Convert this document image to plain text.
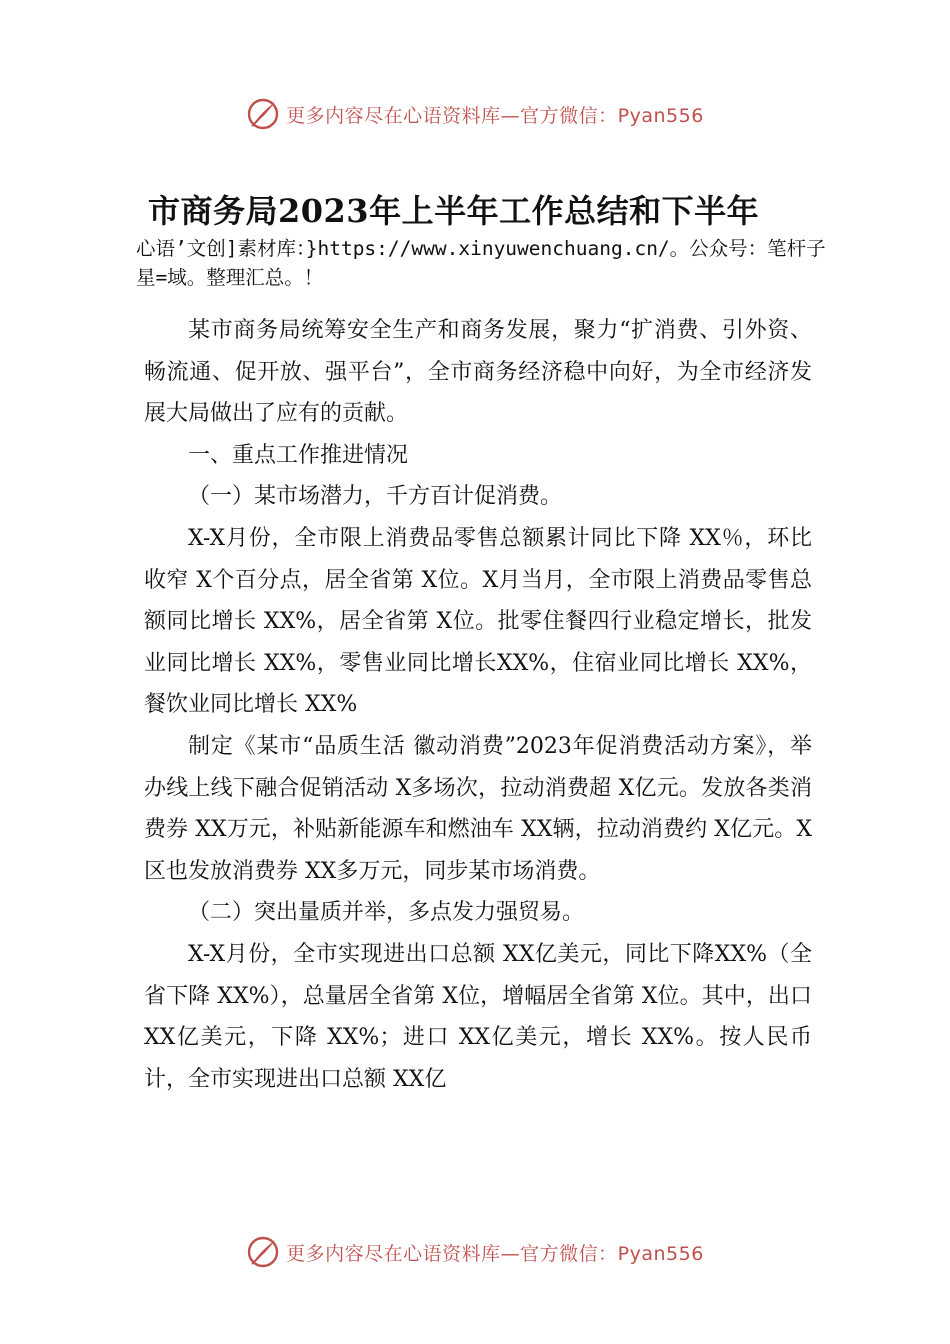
更多内容尽在心语资料库—官方微信：Pyan556
市商务局2023年上半年工作总结和下半年
心语’文创]素材库：}https://www.xinyuwenchuang.cn/。公众号：笔杆子星=域。整理汇总。！

某市商务局统筹安全生产和商务发展，聚力“扩消费、引外资、畅流通、促开放、强平台”，全市商务经济稳中向好，为全市经济发展大局做出了应有的贡献。

一、重点工作推进情况

（一）某市场潜力，千方百计促消费。

X-X月份，全市限上消费品零售总额累计同比下降 XX％，环比收窄 X个百分点，居全省第 X位。X月当月，全市限上消费品零售总额同比增长 XX%，居全省第 X位。批零住餐四行业稳定增长，批发业同比增长 XX%，零售业同比增长XX%，住宿业同比增长 XX%，餐饮业同比增长 XX%

制定《某市“品质生活 徽动消费”2023年促消费活动方案》，举办线上线下融合促销活动 X多场次，拉动消费超 X亿元。发放各类消费券 XX万元，补贴新能源车和燃油车 XX辆，拉动消费约 X亿元。X区也发放消费券 XX多万元，同步某市场消费。

（二）突出量质并举，多点发力强贸易。

X-X月份，全市实现进出口总额 XX亿美元，同比下降XX%（全省下降 XX%），总量居全省第 X位，增幅居全省第 X位。其中，出口 XX亿美元，下降 XX%；进口 XX亿美元，增长 XX%。按人民币计，全市实现进出口总额 XX亿

更多内容尽在心语资料库—官方微信：Pyan556
